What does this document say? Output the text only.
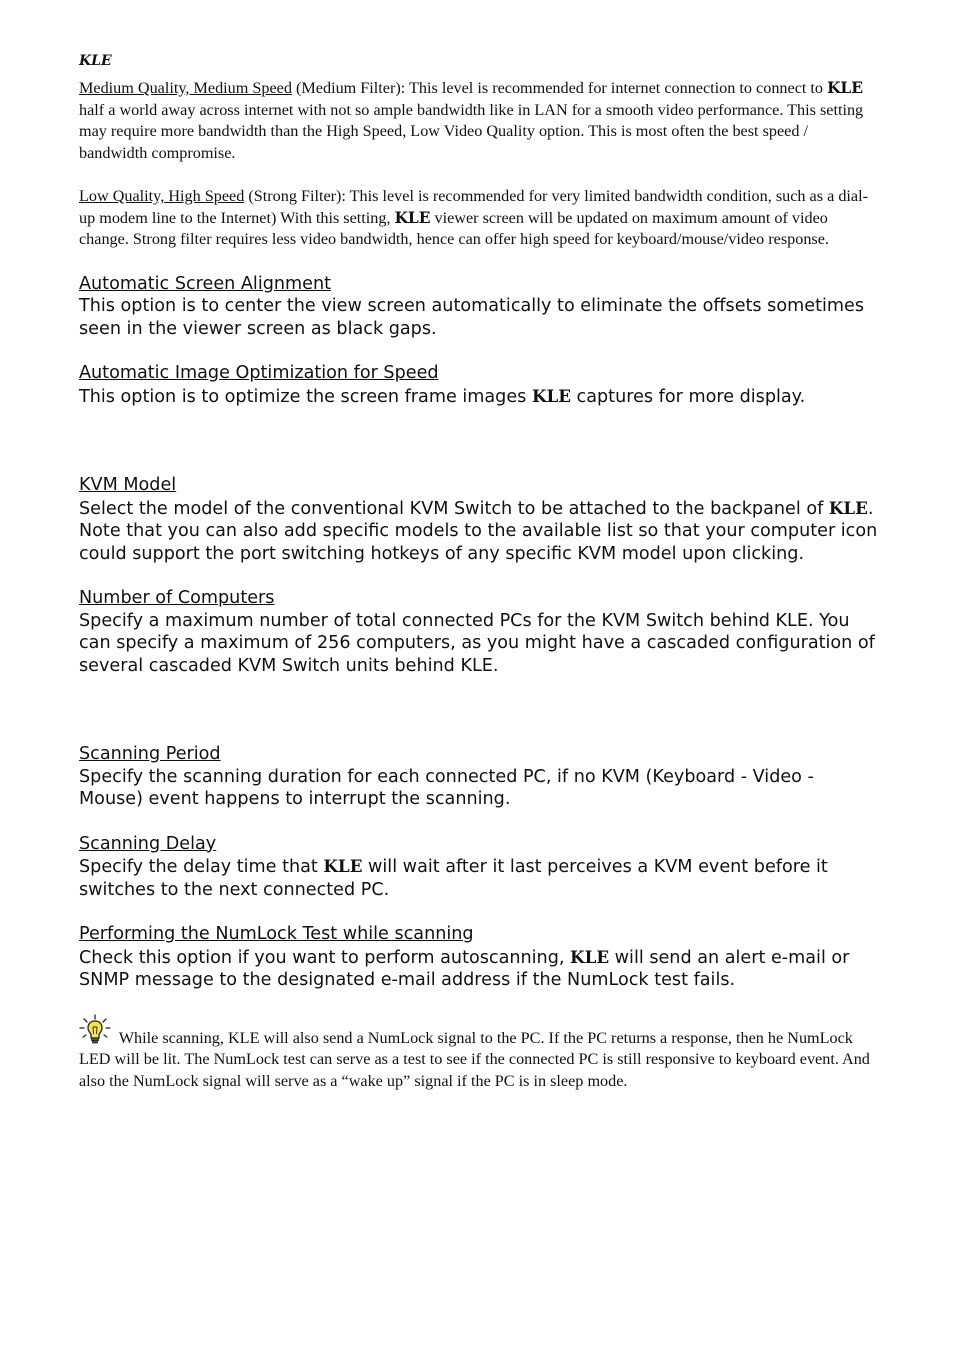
KLE

Medium Quality, Medium Speed (Medium Filter): This level is recommended for internet connection to connect to KLE half a world away across internet with not so ample bandwidth like in LAN for a smooth video performance. This setting may require more bandwidth than the High Speed, Low Video Quality option. This is most often the best speed / bandwidth compromise.

Low Quality, High Speed (Strong Filter): This level is recommended for very limited bandwidth condition, such as a dial-up modem line to the Internet) With this setting, KLE viewer screen will be updated on maximum amount of video change. Strong filter requires less video bandwidth, hence can offer high speed for keyboard/mouse/video response.

Automatic Screen Alignment

This option is to center the view screen automatically to eliminate the offsets sometimes seen in the viewer screen as black gaps.

Automatic Image Optimization for Speed

This option is to optimize the screen frame images KLE captures for more display.

KVM Model

Select the model of the conventional KVM Switch to be attached to the backpanel of KLE. Note that you can also add specific models to the available list so that your computer icon could support the port switching hotkeys of any specific KVM model upon clicking.

Number of Computers

Specify a maximum number of total connected PCs for the KVM Switch behind KLE. You can specify a maximum of 256 computers, as you might have a cascaded configuration of several cascaded KVM Switch units behind KLE.

Scanning Period

Specify the scanning duration for each connected PC, if no KVM (Keyboard - Video - Mouse) event happens to interrupt the scanning.

Scanning Delay

Specify the delay time that KLE will wait after it last perceives a KVM event before it switches to the next connected PC.

Performing the NumLock Test while scanning

Check this option if you want to perform autoscanning, KLE will send an alert e-mail or SNMP message to the designated e-mail address if the NumLock test fails.

While scanning, KLE will also send a NumLock signal to the PC. If the PC returns a response, then he NumLock LED will be lit. The NumLock test can serve as a test to see if the connected PC is still responsive to keyboard event. And also the NumLock signal will serve as a “wake up” signal if the PC is in sleep mode.
